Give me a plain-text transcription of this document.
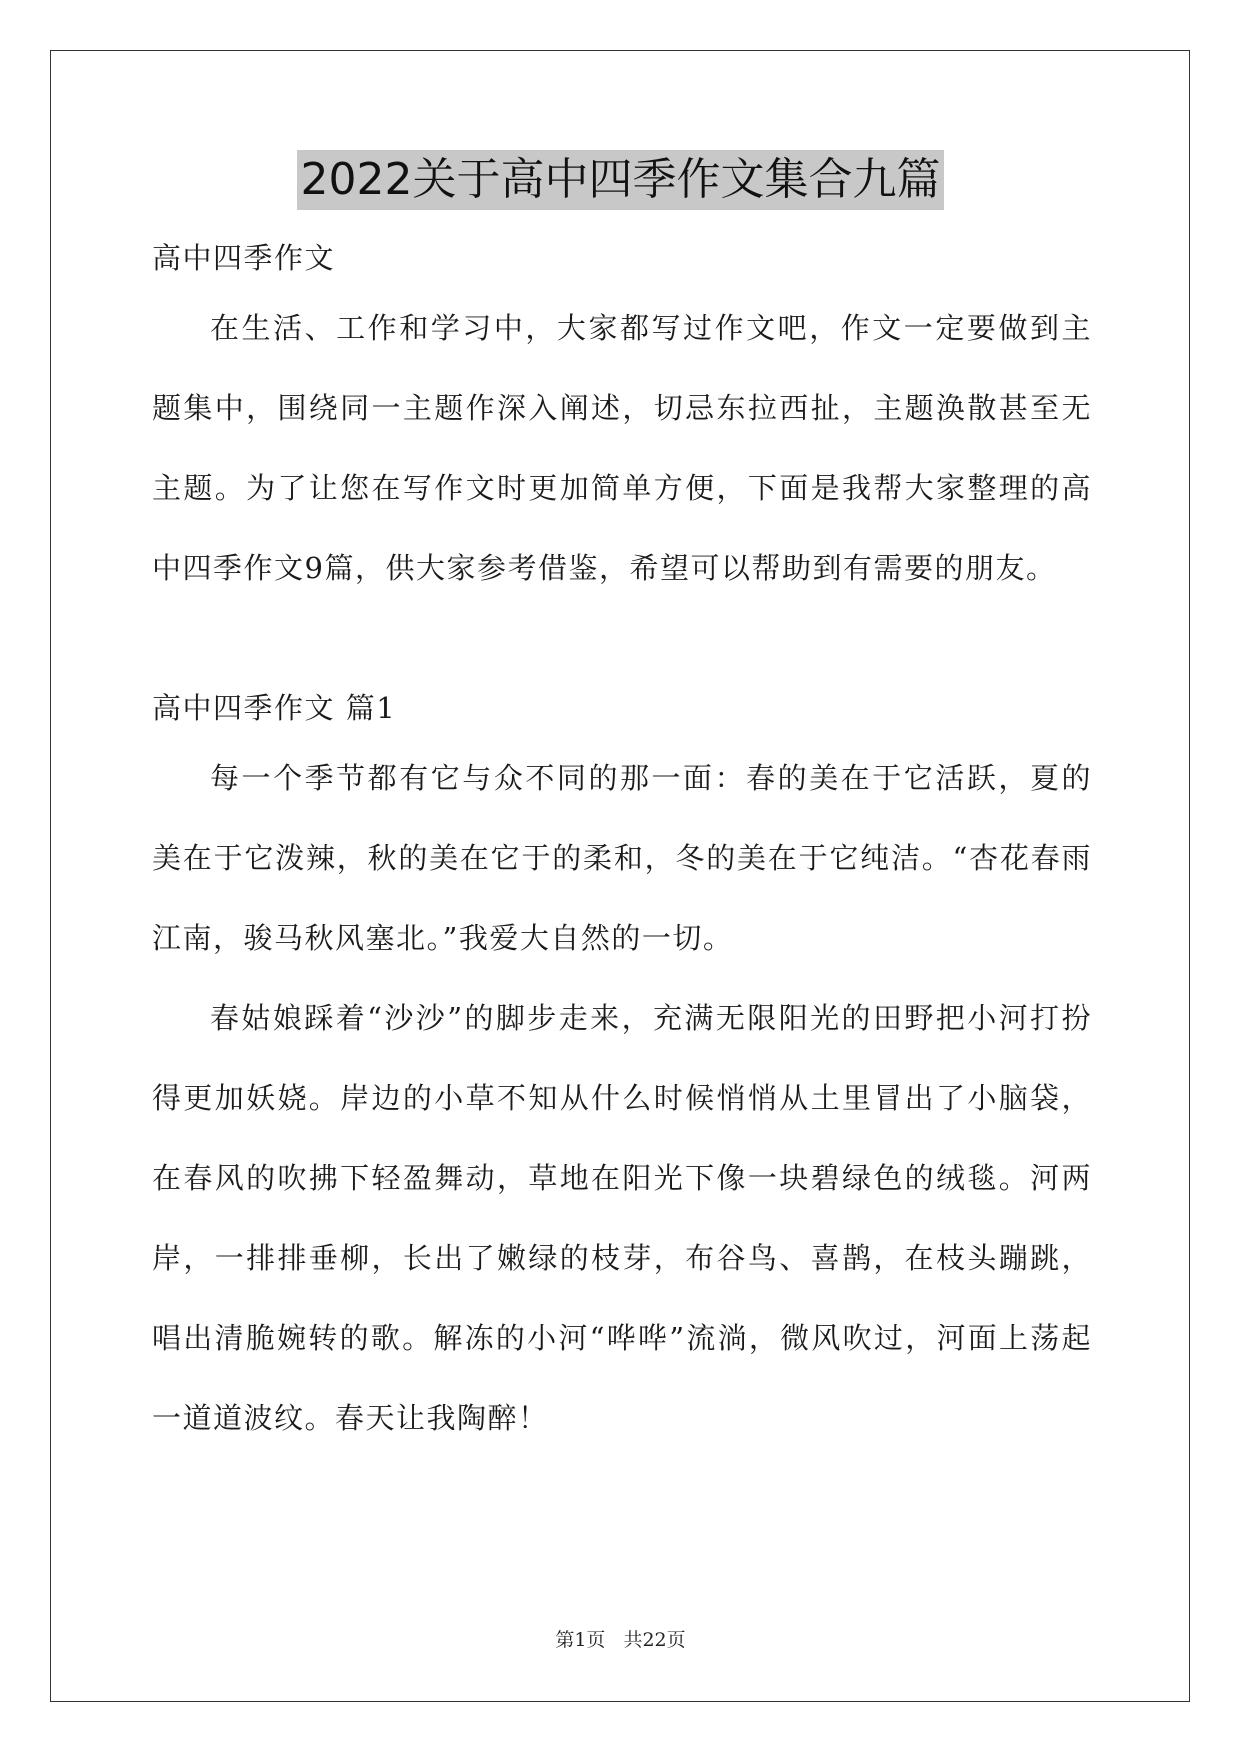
2022关于高中四季作文集合九篇

高中四季作文

在生活、工作和学习中，大家都写过作文吧，作文一定要做到主题集中，围绕同一主题作深入阐述，切忌东拉西扯，主题涣散甚至无主题。为了让您在写作文时更加简单方便，下面是我帮大家整理的高中四季作文9篇，供大家参考借鉴，希望可以帮助到有需要的朋友。

高中四季作文 篇1

每一个季节都有它与众不同的那一面：春的美在于它活跃，夏的美在于它泼辣，秋的美在它于的柔和，冬的美在于它纯洁。“杏花春雨江南，骏马秋风塞北。”我爱大自然的一切。

春姑娘踩着“沙沙”的脚步走来，充满无限阳光的田野把小河打扮得更加妖娆。岸边的小草不知从什么时候悄悄从土里冒出了小脑袋，在春风的吹拂下轻盈舞动，草地在阳光下像一块碧绿色的绒毯。河两岸，一排排垂柳，长出了嫩绿的枝芽，布谷鸟、喜鹊，在枝头蹦跳，唱出清脆婉转的歌。解冻的小河“哗哗”流淌，微风吹过，河面上荡起一道道波纹。春天让我陶醉！

第1页 共22页
